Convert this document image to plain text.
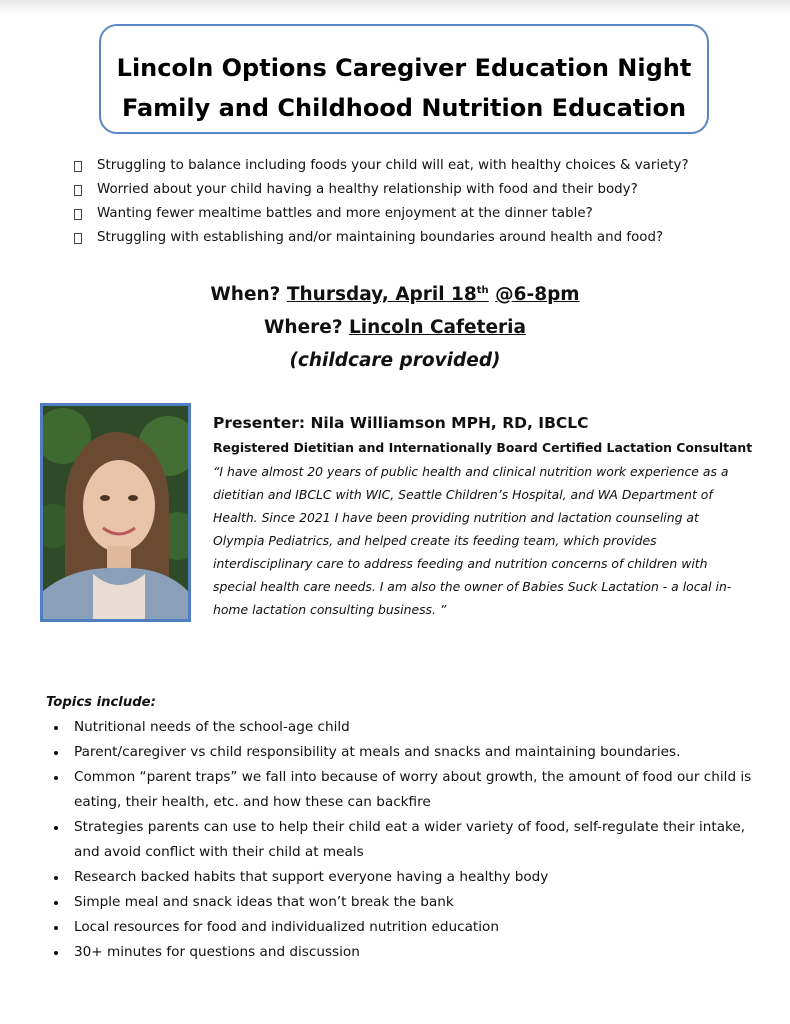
Lincoln Options Caregiver Education Night
Family and Childhood Nutrition Education
Struggling to balance including foods your child will eat, with healthy choices & variety?
Worried about your child having a healthy relationship with food and their body?
Wanting fewer mealtime battles and more enjoyment at the dinner table?
Struggling with establishing and/or maintaining boundaries around health and food?
When? Thursday, April 18th @6-8pm
Where? Lincoln Cafeteria
(childcare provided)
Presenter: Nila Williamson MPH, RD, IBCLC
Registered Dietitian and Internationally Board Certified Lactation Consultant
“I have almost 20 years of public health and clinical nutrition work experience as a dietitian and IBCLC with WIC, Seattle Children’s Hospital, and WA Department of Health. Since 2021 I have been providing nutrition and lactation counseling at Olympia Pediatrics, and helped create its feeding team, which provides interdisciplinary care to address feeding and nutrition concerns of children with special health care needs. I am also the owner of Babies Suck Lactation - a local in-home lactation consulting business. ”
Topics include:
Nutritional needs of the school-age child
Parent/caregiver vs child responsibility at meals and snacks and maintaining boundaries.
Common “parent traps” we fall into because of worry about growth, the amount of food our child is eating, their health, etc. and how these can backfire
Strategies parents can use to help their child eat a wider variety of food, self-regulate their intake, and avoid conflict with their child at meals
Research backed habits that support everyone having a healthy body
Simple meal and snack ideas that won’t break the bank
Local resources for food and individualized nutrition education
30+ minutes for questions and discussion
